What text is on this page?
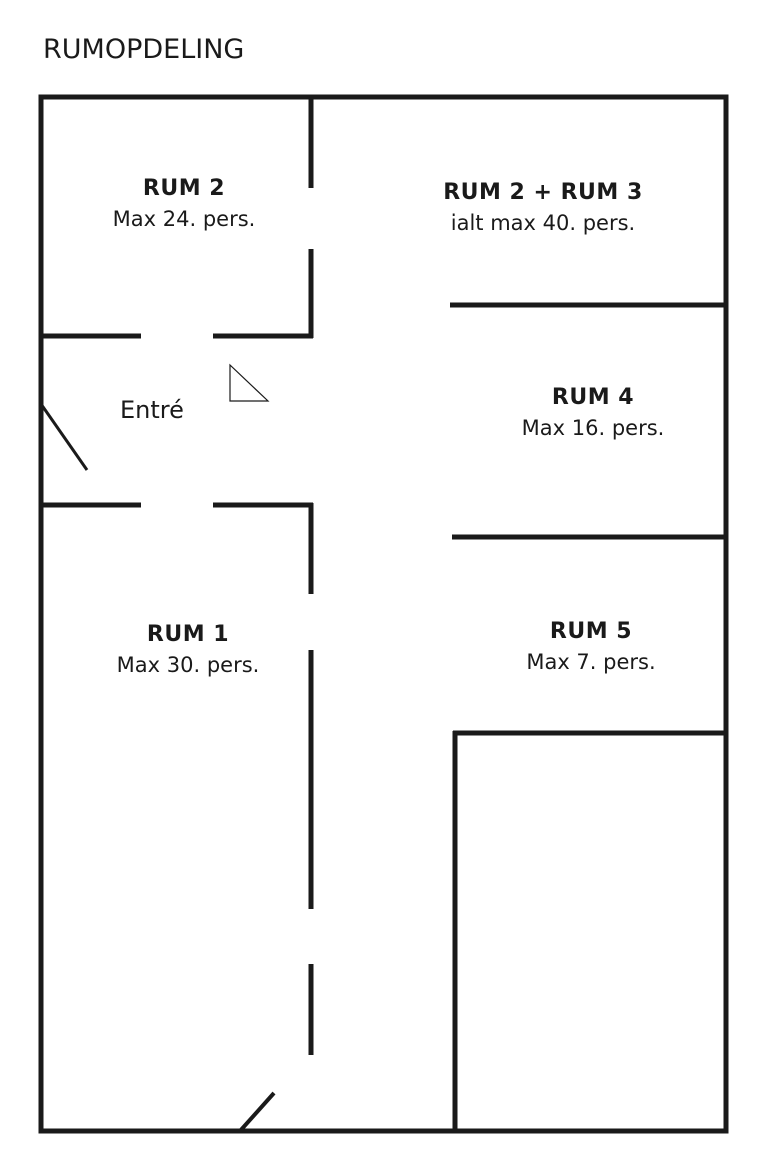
RUMOPDELING
RUM 2
Max 24. pers.
RUM 2 + RUM 3
ialt max 40. pers.
RUM 4
Max 16. pers.
Entré
RUM 1
Max 30. pers.
RUM 5
Max 7. pers.
